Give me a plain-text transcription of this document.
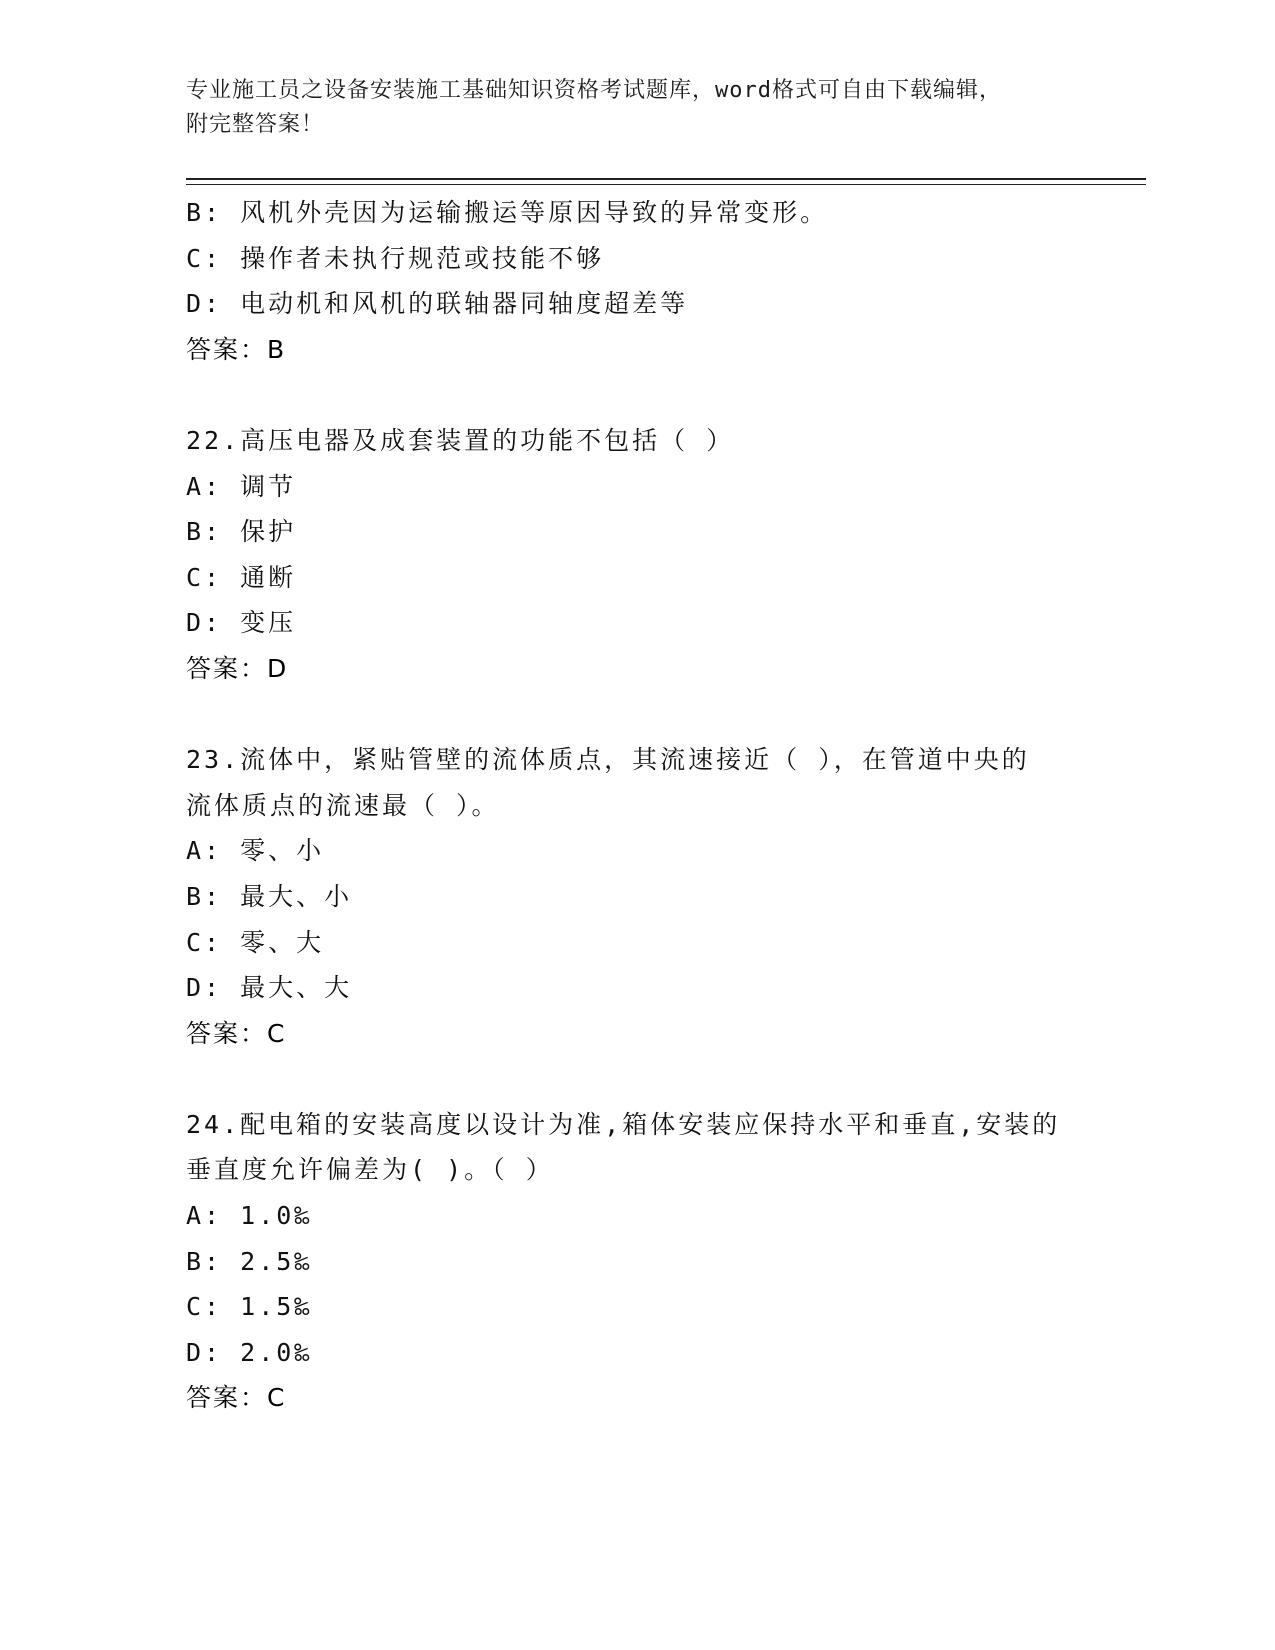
专业施工员之设备安装施工基础知识资格考试题库，word格式可自由下载编辑，
附完整答案！
B: 风机外壳因为运输搬运等原因导致的异常变形。
C: 操作者未执行规范或技能不够
D: 电动机和风机的联轴器同轴度超差等
答案：B
22.高压电器及成套装置的功能不包括（ ）
A: 调节
B: 保护
C: 通断
D: 变压
答案：D
23.流体中，紧贴管壁的流体质点，其流速接近（ ），在管道中央的
流体质点的流速最（ ）。
A: 零、小
B: 最大、小
C: 零、大
D: 最大、大
答案：C
24.配电箱的安装高度以设计为准,箱体安装应保持水平和垂直,安装的
垂直度允许偏差为( )。（ ）
A: 1.0‰
B: 2.5‰
C: 1.5‰
D: 2.0‰
答案：C
